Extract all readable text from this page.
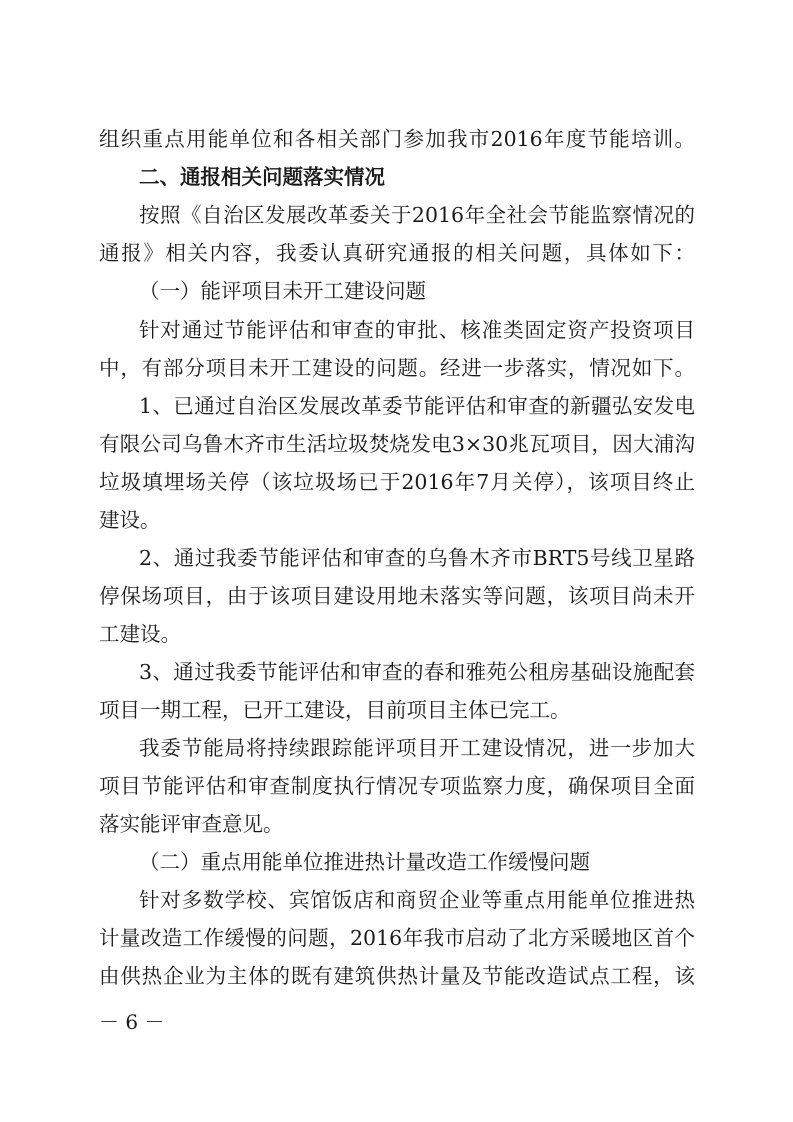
组织重点用能单位和各相关部门参加我市2016年度节能培训。
二、通报相关问题落实情况
按照《自治区发展改革委关于2016年全社会节能监察情况的
通报》相关内容，我委认真研究通报的相关问题，具体如下：
（一）能评项目未开工建设问题
针对通过节能评估和审查的审批、核准类固定资产投资项目
中，有部分项目未开工建设的问题。经进一步落实，情况如下。
1、已通过自治区发展改革委节能评估和审查的新疆弘安发电
有限公司乌鲁木齐市生活垃圾焚烧发电3×30兆瓦项目，因大浦沟
垃圾填埋场关停（该垃圾场已于2016年7月关停），该项目终止
建设。
2、通过我委节能评估和审查的乌鲁木齐市BRT5号线卫星路
停保场项目，由于该项目建设用地未落实等问题，该项目尚未开
工建设。
3、通过我委节能评估和审查的春和雅苑公租房基础设施配套
项目一期工程，已开工建设，目前项目主体已完工。
我委节能局将持续跟踪能评项目开工建设情况，进一步加大
项目节能评估和审查制度执行情况专项监察力度，确保项目全面
落实能评审查意见。
（二）重点用能单位推进热计量改造工作缓慢问题
针对多数学校、宾馆饭店和商贸企业等重点用能单位推进热
计量改造工作缓慢的问题，2016年我市启动了北方采暖地区首个
由供热企业为主体的既有建筑供热计量及节能改造试点工程，该
－ 6 －
